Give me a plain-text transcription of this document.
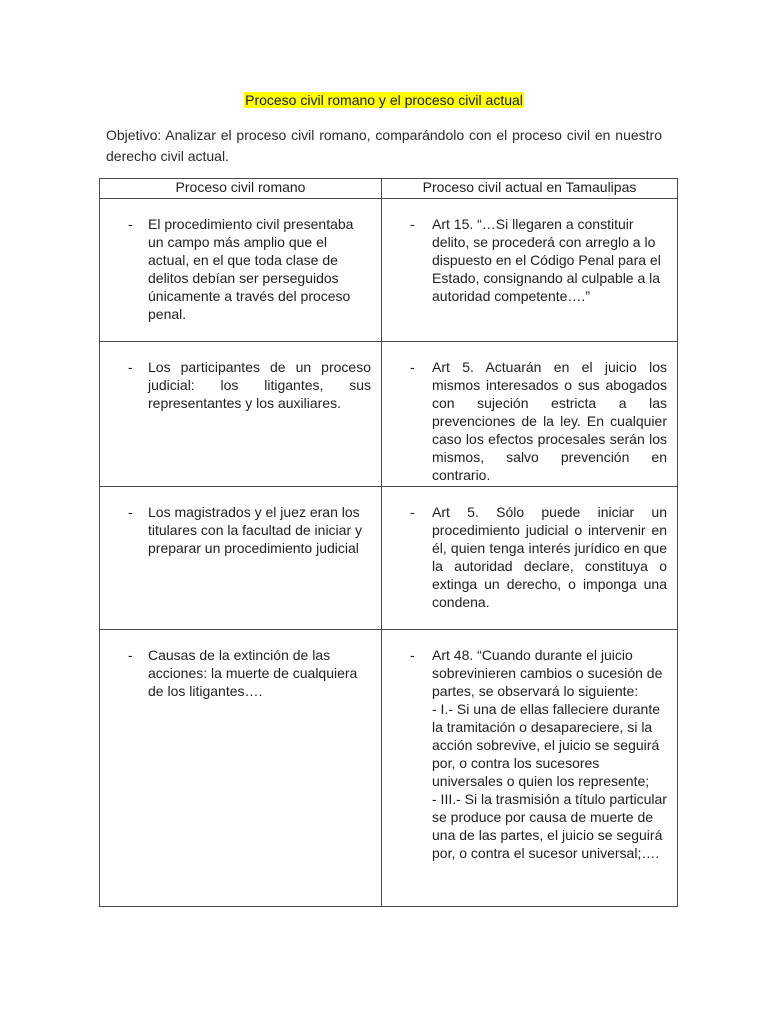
Proceso civil romano y el proceso civil actual
Objetivo: Analizar el proceso civil romano, comparándolo con el proceso civil en nuestro derecho civil actual.
Proceso civil romano	Proceso civil actual en Tamaulipas

- El procedimiento civil presentaba un campo más amplio que el actual, en el que toda clase de delitos debían ser perseguidos únicamente a través del proceso penal.	- Art 15. “…Si llegaren a constituir delito, se procederá con arreglo a lo dispuesto en el Código Penal para el Estado, consignando al culpable a la autoridad competente….”

- Los participantes de un proceso judicial: los litigantes, sus representantes y los auxiliares.	- Art 5. Actuarán en el juicio los mismos interesados o sus abogados con sujeción estricta a las prevenciones de la ley. En cualquier caso los efectos procesales serán los mismos, salvo prevención en contrario.

- Los magistrados y el juez eran los titulares con la facultad de iniciar y preparar un procedimiento judicial	- Art 5. Sólo puede iniciar un procedimiento judicial o intervenir en él, quien tenga interés jurídico en que la autoridad declare, constituya o extinga un derecho, o imponga una condena.

- Causas de la extinción de las acciones: la muerte de cualquiera de los litigantes….	- Art 48. “Cuando durante el juicio sobrevinieren cambios o sucesión de partes, se observará lo siguiente:
- I.- Si una de ellas falleciere durante la tramitación o desapareciere, si la acción sobrevive, el juicio se seguirá por, o contra los sucesores universales o quien los represente;
- III.- Si la trasmisión a título particular se produce por causa de muerte de una de las partes, el juicio se seguirá por, o contra el sucesor universal;….
